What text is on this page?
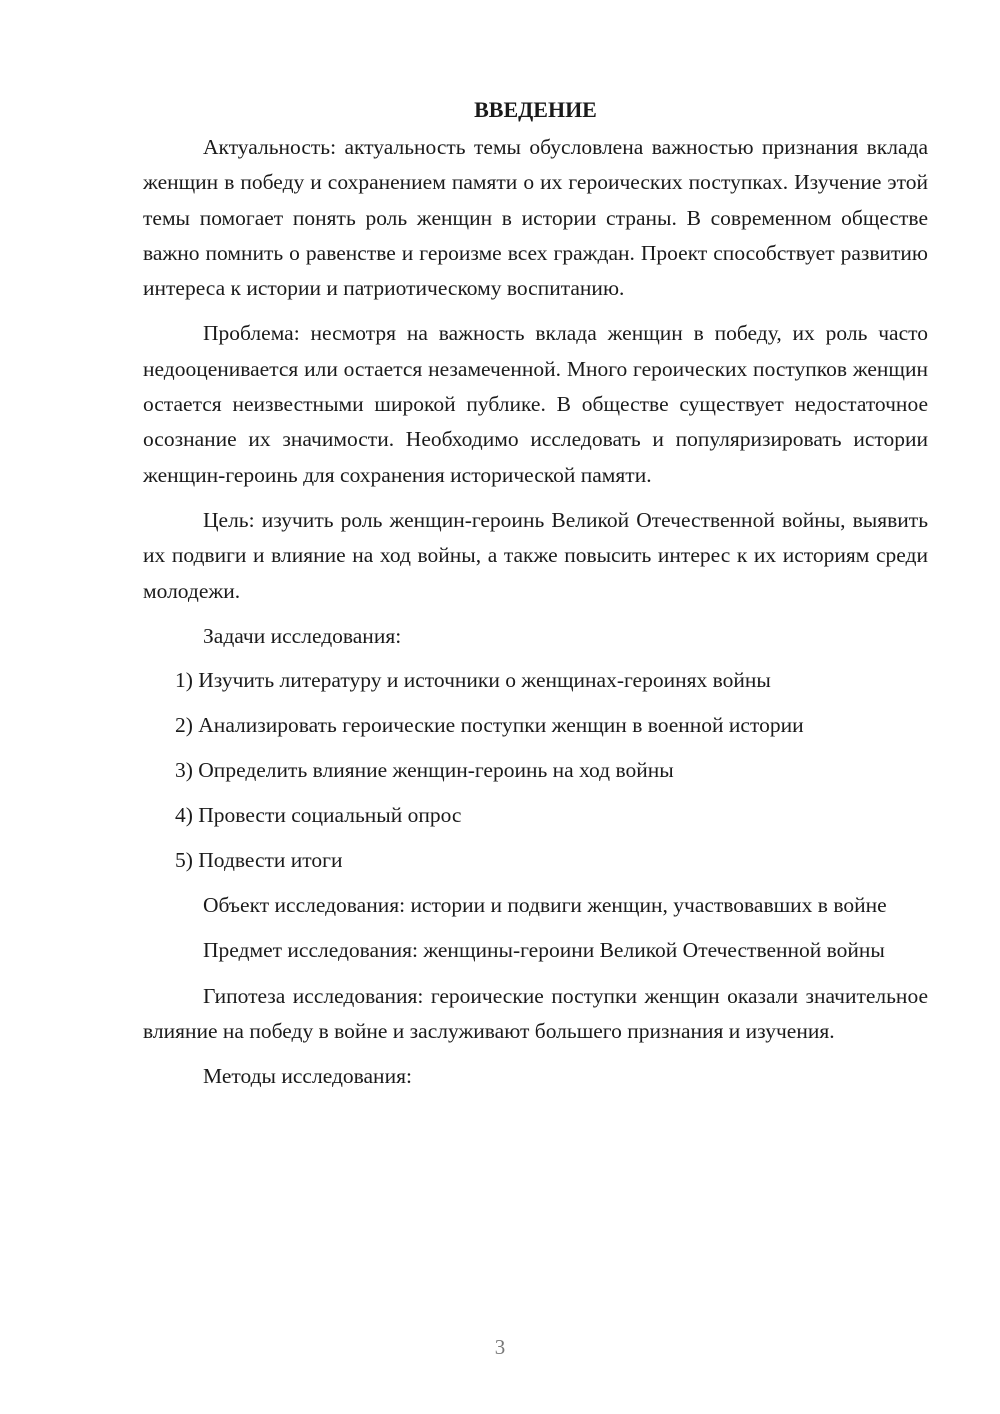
ВВЕДЕНИЕ

Актуальность: актуальность темы обусловлена важностью признания вклада женщин в победу и сохранением памяти о их героических поступках. Изучение этой темы помогает понять роль женщин в истории страны. В современном обществе важно помнить о равенстве и героизме всех граждан. Проект способствует развитию интереса к истории и патриотическому воспитанию.

Проблема: несмотря на важность вклада женщин в победу, их роль часто недооценивается или остается незамеченной. Много героических поступков женщин остается неизвестными широкой публике. В обществе существует недостаточное осознание их значимости. Необходимо исследовать и популяризировать истории женщин-героинь для сохранения исторической памяти.

Цель: изучить роль женщин-героинь Великой Отечественной войны, выявить их подвиги и влияние на ход войны, а также повысить интерес к их историям среди молодежи.

Задачи исследования:

1) Изучить литературу и источники о женщинах-героинях войны
2) Анализировать героические поступки женщин в военной истории
3) Определить влияние женщин-героинь на ход войны
4) Провести социальный опрос
5) Подвести итоги

Объект исследования: истории и подвиги женщин, участвовавших в войне

Предмет исследования: женщины-героини Великой Отечественной войны

Гипотеза исследования: героические поступки женщин оказали значительное влияние на победу в войне и заслуживают большего признания и изучения.

Методы исследования:

3
